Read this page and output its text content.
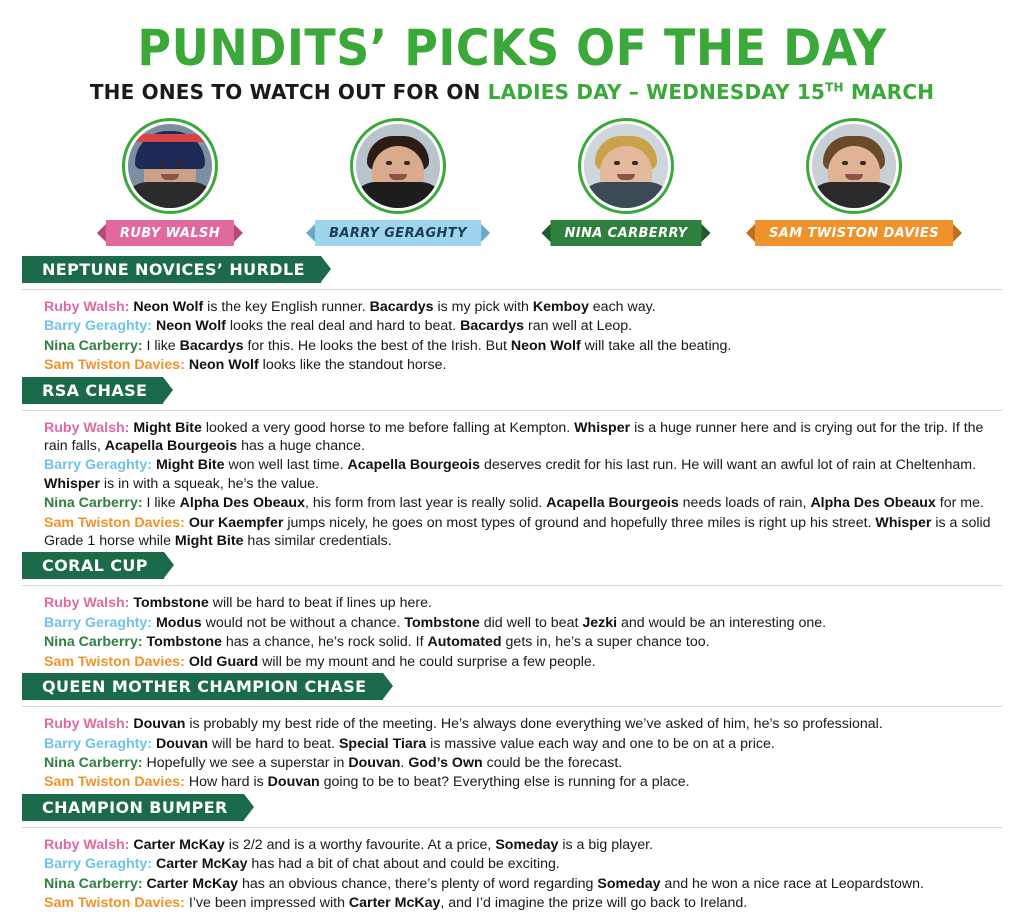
PUNDITS’ PICKS OF THE DAY
THE ONES TO WATCH OUT FOR ON LADIES DAY – WEDNESDAY 15TH MARCH
RUBY WALSH	BARRY GERAGHTY	NINA CARBERRY	SAM TWISTON DAVIES
NEPTUNE NOVICES’ HURDLE
Ruby Walsh: Neon Wolf is the key English runner. Bacardys is my pick with Kemboy each way.
Barry Geraghty: Neon Wolf looks the real deal and hard to beat. Bacardys ran well at Leop.
Nina Carberry: I like Bacardys for this. He looks the best of the Irish. But Neon Wolf will take all the beating.
Sam Twiston Davies: Neon Wolf looks like the standout horse.
RSA CHASE
Ruby Walsh: Might Bite looked a very good horse to me before falling at Kempton. Whisper is a huge runner here and is crying out for the trip. If the rain falls, Acapella Bourgeois has a huge chance.
Barry Geraghty: Might Bite won well last time. Acapella Bourgeois deserves credit for his last run. He will want an awful lot of rain at Cheltenham. Whisper is in with a squeak, he’s the value.
Nina Carberry: I like Alpha Des Obeaux, his form from last year is really solid. Acapella Bourgeois needs loads of rain, Alpha Des Obeaux for me.
Sam Twiston Davies: Our Kaempfer jumps nicely, he goes on most types of ground and hopefully three miles is right up his street. Whisper is a solid Grade 1 horse while Might Bite has similar credentials.
CORAL CUP
Ruby Walsh: Tombstone will be hard to beat if lines up here.
Barry Geraghty: Modus would not be without a chance. Tombstone did well to beat Jezki and would be an interesting one.
Nina Carberry: Tombstone has a chance, he’s rock solid. If Automated gets in, he’s a super chance too.
Sam Twiston Davies: Old Guard will be my mount and he could surprise a few people.
QUEEN MOTHER CHAMPION CHASE
Ruby Walsh: Douvan is probably my best ride of the meeting. He’s always done everything we’ve asked of him, he’s so professional.
Barry Geraghty: Douvan will be hard to beat. Special Tiara is massive value each way and one to be on at a price.
Nina Carberry: Hopefully we see a superstar in Douvan. God’s Own could be the forecast.
Sam Twiston Davies: How hard is Douvan going to be to beat? Everything else is running for a place.
CHAMPION BUMPER
Ruby Walsh: Carter McKay is 2/2 and is a worthy favourite. At a price, Someday is a big player.
Barry Geraghty: Carter McKay has had a bit of chat about and could be exciting.
Nina Carberry: Carter McKay has an obvious chance, there’s plenty of word regarding Someday and he won a nice race at Leopardstown.
Sam Twiston Davies: I’ve been impressed with Carter McKay, and I’d imagine the prize will go back to Ireland.
